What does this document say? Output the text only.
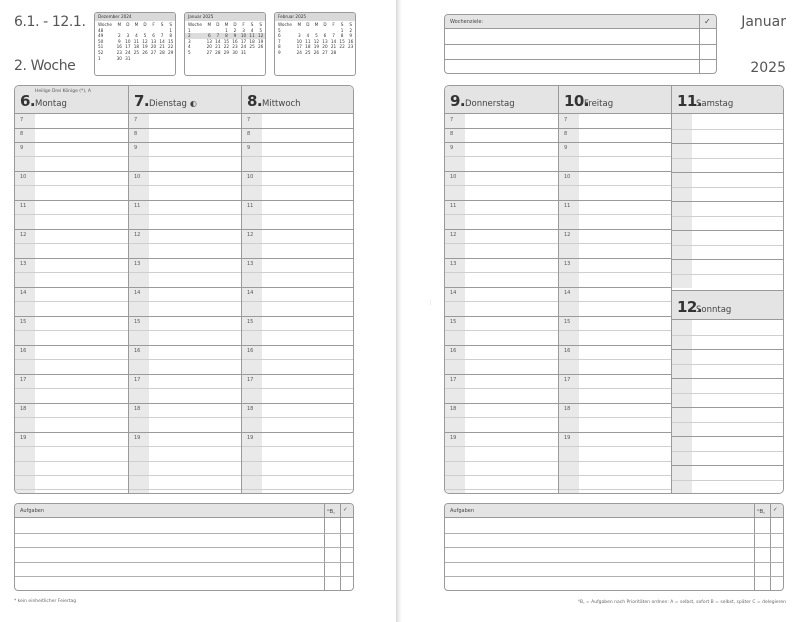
6.1. - 12.1.
2. Woche
Dezember 2024
Woche	M	D	M	D	F	S	S
48							1
49	2	3	4	5	6	7	8
50	9	10	11	12	13	14	15
51	16	17	18	19	20	21	22
52	23	24	25	26	27	28	29
1	30	31					
Januar 2025
Woche	M	D	M	D	F	S	S
1			1	2	3	4	5
2	6	7	8	9	10	11	12
3	13	14	15	16	17	18	19
4	20	21	22	23	24	25	26
5	27	28	29	30	31		
Februar 2025
Woche	M	D	M	D	F	S	S
5						1	2
6	3	4	5	6	7	8	9
7	10	11	12	13	14	15	16
8	17	18	19	20	21	22	23
9	24	25	26	27	28		
Heilige Drei Könige (*), A
6. Montag
7
8
9
10
11
12
13
14
15
16
17
18
19
7. Dienstag ◐
7
8
9
10
11
12
13
14
15
16
17
18
19
8. Mittwoch
7
8
9
10
11
12
13
14
15
16
17
18
19
Aufgaben	ᴬB꜀ ✓
* kein einheitlicher Feiertag
⋮
Wochenziele:	✓ Januar
2025
9. Donnerstag
7
8
9
10
11
12
13
14
15
16
17
18
19
10.
Freitag
7
8
9
10
11
12
13
14
15
16
17
18
19
11.
Samstag
12.
Sonntag
Aufgaben	ᴬB꜀ ✓
ᴬB꜀ = Aufgaben nach Prioritäten ordnen: A = selbst, sofort B = selbst, später C = delegieren
